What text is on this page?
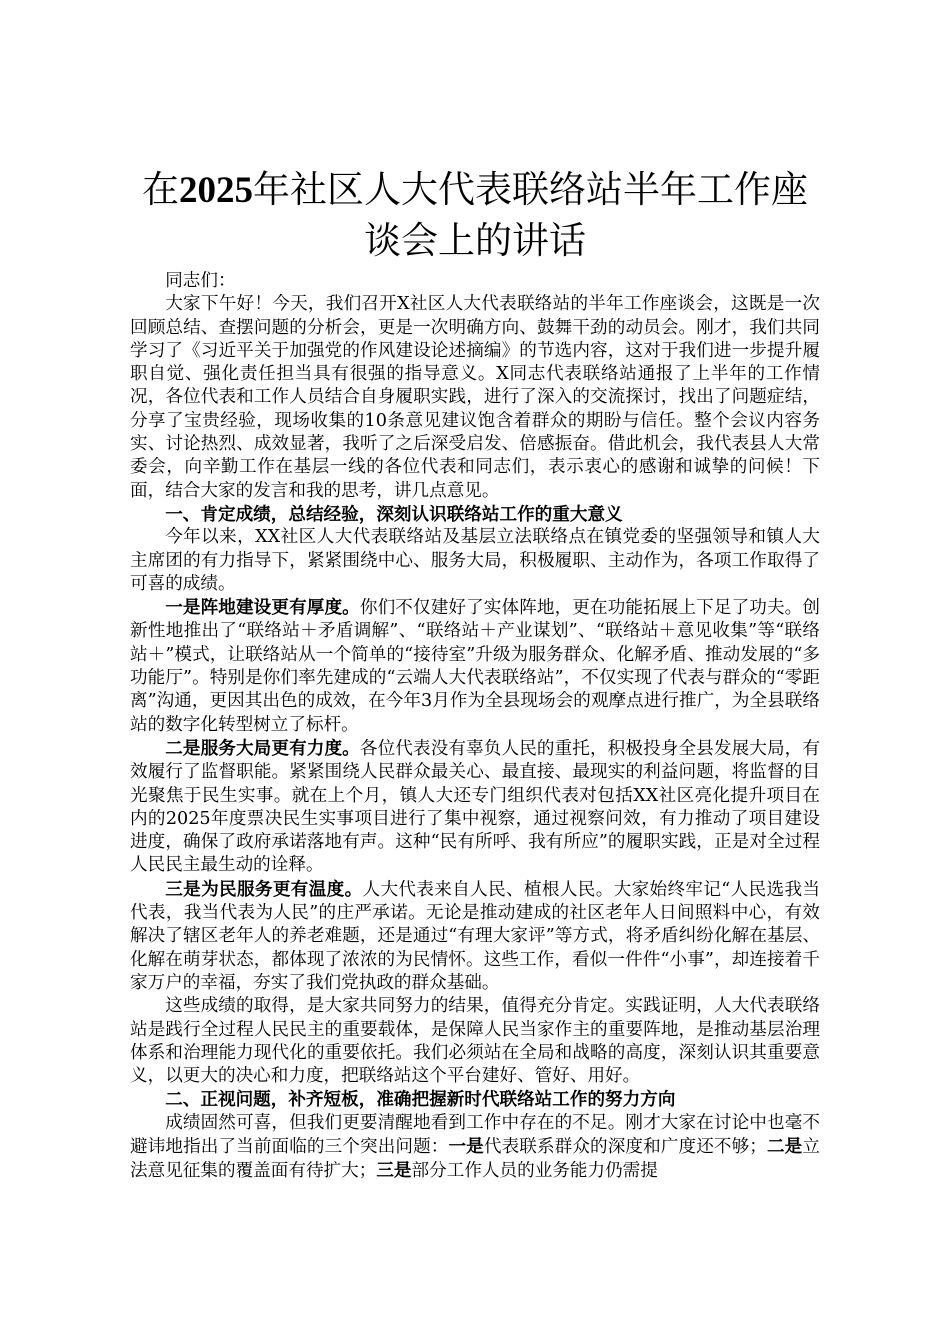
在2025年社区人大代表联络站半年工作座谈会上的讲话

同志们：

大家下午好！今天，我们召开X社区人大代表联络站的半年工作座谈会，这既是一次回顾总结、查摆问题的分析会，更是一次明确方向、鼓舞干劲的动员会。刚才，我们共同学习了《习近平关于加强党的作风建设论述摘编》的节选内容，这对于我们进一步提升履职自觉、强化责任担当具有很强的指导意义。X同志代表联络站通报了上半年的工作情况，各位代表和工作人员结合自身履职实践，进行了深入的交流探讨，找出了问题症结，分享了宝贵经验，现场收集的10条意见建议饱含着群众的期盼与信任。整个会议内容务实、讨论热烈、成效显著，我听了之后深受启发、倍感振奋。借此机会，我代表县人大常委会，向辛勤工作在基层一线的各位代表和同志们，表示衷心的感谢和诚挚的问候！下面，结合大家的发言和我的思考，讲几点意见。

一、肯定成绩，总结经验，深刻认识联络站工作的重大意义

今年以来，XX社区人大代表联络站及基层立法联络点在镇党委的坚强领导和镇人大主席团的有力指导下，紧紧围绕中心、服务大局，积极履职、主动作为，各项工作取得了可喜的成绩。

一是阵地建设更有厚度。你们不仅建好了实体阵地，更在功能拓展上下足了功夫。创新性地推出了“联络站＋矛盾调解”、“联络站＋产业谋划”、“联络站＋意见收集”等“联络站＋”模式，让联络站从一个简单的“接待室”升级为服务群众、化解矛盾、推动发展的“多功能厅”。特别是你们率先建成的“云端人大代表联络站”，不仅实现了代表与群众的“零距离”沟通，更因其出色的成效，在今年3月作为全县现场会的观摩点进行推广，为全县联络站的数字化转型树立了标杆。

二是服务大局更有力度。各位代表没有辜负人民的重托，积极投身全县发展大局，有效履行了监督职能。紧紧围绕人民群众最关心、最直接、最现实的利益问题，将监督的目光聚焦于民生实事。就在上个月，镇人大还专门组织代表对包括XX社区亮化提升项目在内的2025年度票决民生实事项目进行了集中视察，通过视察问效，有力推动了项目建设进度，确保了政府承诺落地有声。这种“民有所呼、我有所应”的履职实践，正是对全过程人民民主最生动的诠释。

三是为民服务更有温度。人大代表来自人民、植根人民。大家始终牢记“人民选我当代表，我当代表为人民”的庄严承诺。无论是推动建成的社区老年人日间照料中心，有效解决了辖区老年人的养老难题，还是通过“有理大家评”等方式，将矛盾纠纷化解在基层、化解在萌芽状态，都体现了浓浓的为民情怀。这些工作，看似一件件“小事”，却连接着千家万户的幸福，夯实了我们党执政的群众基础。

这些成绩的取得，是大家共同努力的结果，值得充分肯定。实践证明，人大代表联络站是践行全过程人民民主的重要载体，是保障人民当家作主的重要阵地，是推动基层治理体系和治理能力现代化的重要依托。我们必须站在全局和战略的高度，深刻认识其重要意义，以更大的决心和力度，把联络站这个平台建好、管好、用好。

二、正视问题，补齐短板，准确把握新时代联络站工作的努力方向

成绩固然可喜，但我们更要清醒地看到工作中存在的不足。刚才大家在讨论中也毫不避讳地指出了当前面临的三个突出问题：一是代表联系群众的深度和广度还不够；二是立法意见征集的覆盖面有待扩大；三是部分工作人员的业务能力仍需提
